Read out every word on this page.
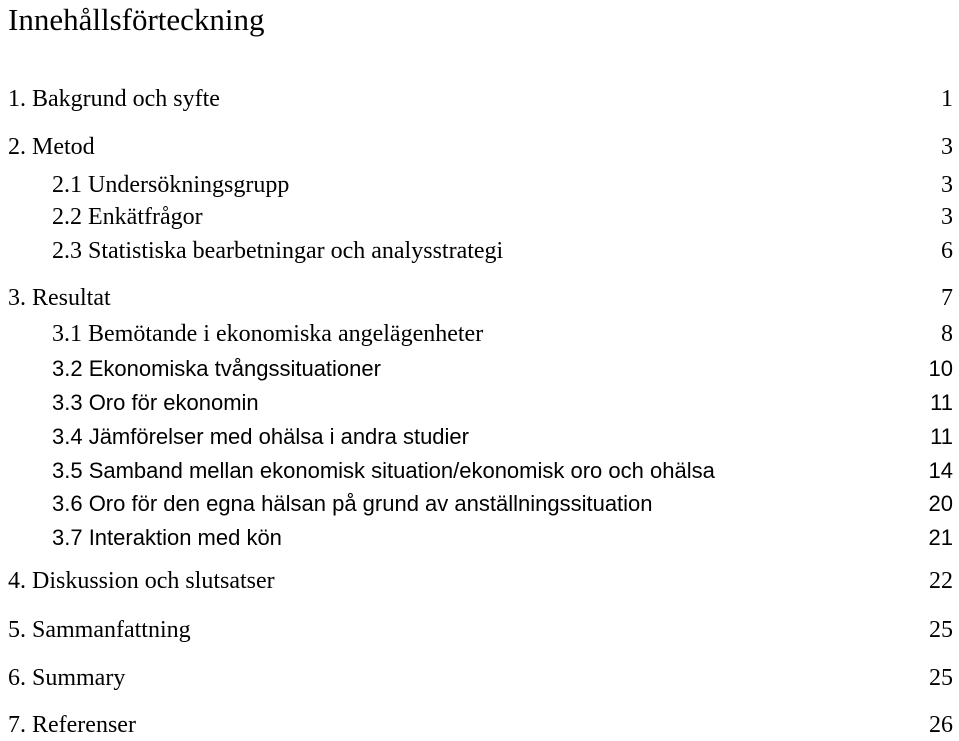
Innehållsförteckning
1. Bakgrund och syfte	1
2. Metod	3
2.1 Undersökningsgrupp	3
2.2 Enkätfrågor	3
2.3 Statistiska bearbetningar och analysstrategi	6
3. Resultat	7
3.1 Bemötande i ekonomiska angelägenheter	8
3.2 Ekonomiska tvångssituationer	10
3.3 Oro för ekonomin	11
3.4 Jämförelser med ohälsa i andra studier	11
3.5 Samband mellan ekonomisk situation/ekonomisk oro och ohälsa	14
3.6 Oro för den egna hälsan på grund av anställningssituation	20
3.7 Interaktion med kön	21
4. Diskussion och slutsatser	22
5. Sammanfattning	25
6. Summary	25
7. Referenser	26
